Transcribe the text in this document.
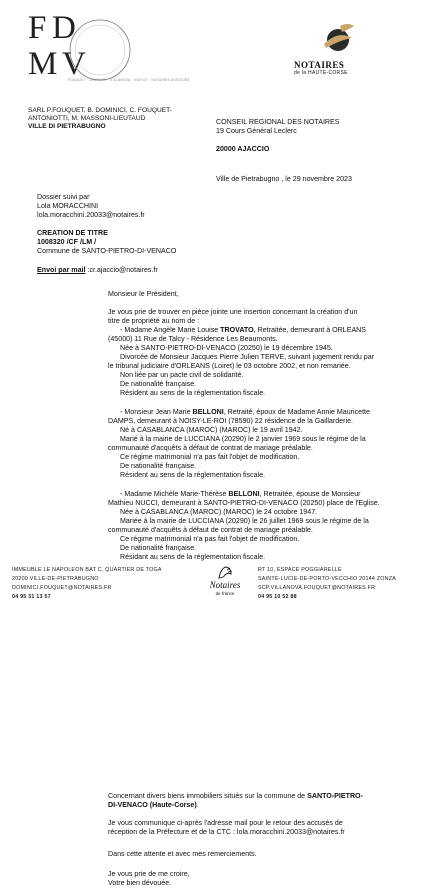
F D
M V
FOUQUET · DOMINICI · VILLANOVA · INDYCE · NOTAIRES ASSOCIÉS
SARL P.FOUQUET, B. DOMINICI, C. FOUQUET-
ANTONIOTTI, M. MASSONI-LIEUTAUD
VILLE DI PIETRABUGNO
NOTAIRES
de la HAUTE-CORSE
CONSEIL REGIONAL DES NOTAIRES
19 Cours Général Leclerc
20000 AJACCIO
Ville de Pietrabugno , le 29 novembre 2023
Dossier suivi par
Lola MORACCHINI
lola.moracchini.20033@notaires.fr
CREATION DE TITRE
1008320 /CF /LM /
Commune de SANTO-PIETRO-DI-VENACO
Envoi par mail :cr.ajaccio@notaires.fr
Monsieur le Président,
Je vous prie de trouver en pièce jointe une insertion concernant la création d'un
titre de propriété au nom de :
- Madame Angèle Marie Louise TROVATO, Retraitée, demeurant à ORLEANS
(45000) 11 Rue de Talcy - Résidence Les Beaumonts.
Née à SANTO-PIETRO-DI-VENACO (20250) le 19 décembre 1945.
Divorcée de Monsieur Jacques Pierre Julien TERVE, suivant jugement rendu par
le tribunal judiciaire d'ORLEANS (Loiret) le 03 octobre 2002, et non remariée.
Non liée par un pacte civil de solidarité.
De nationalité française.
Résident au sens de la réglementation fiscale.
- Monsieur Jean Marie BELLONI, Retraité, époux de Madame Annie Mauricette
DAMPS, demeurant à NOISY-LE-ROI (78590) 22 résidence de la Gaillarderie.
Né à CASABLANCA (MAROC) (MAROC) le 19 avril 1942.
Marié à la mairie de LUCCIANA (20290) le 2 janvier 1969 sous le régime de la
communauté d'acquêts à défaut de contrat de mariage préalable.
Ce régime matrimonial n'a pas fait l'objet de modification.
De nationalité française.
Résident au sens de la réglementation fiscale.
- Madame Michèle Marie-Thérèse BELLONI, Retraitée, épouse de Monsieur
Mathieu NUCCI, demeurant à SANTO-PIETRO-DI-VENACO (20250) place de l'Eglise.
Née à CASABLANCA (MAROC) (MAROC) le 24 octobre 1947.
Mariée à la mairie de LUCCIANA (20290) le 26 juillet 1969 sous le régime de la
communauté d'acquêts à défaut de contrat de mariage préalable.
Ce régime matrimonial n'a pas fait l'objet de modification.
De nationalité française.
Résidant au sens de la réglementation fiscale.
IMMEUBLE LE NAPOLEON BAT C, QUARTIER DE TOGA
20200 VILLE-DE-PIETRABUGNO
DOMINICI.FOUQUET@NOTAIRES.FR
04 95 31 13 57
Notaires
de france
RT 10, ESPACE POGGIARELLE
SAINTE-LUCIE-DE-PORTO-VECCHIO 20144 ZONZA
SCP.VILLANOVA.FOUQUET@NOTAIRES.FR
04 95 10 52 88
Concernant divers biens immobiliers situés sur la commune de SANTO-PIETRO-
DI-VENACO (Haute-Corse).
Je vous communique ci-après l'adresse mail pour le retour des accusés de
réception de la Préfecture et de la CTC : lola.moracchini.20033@notaires.fr
Dans cette attente et avec mes remerciements.
Je vous prie de me croire,
Votre bien dévouée.
